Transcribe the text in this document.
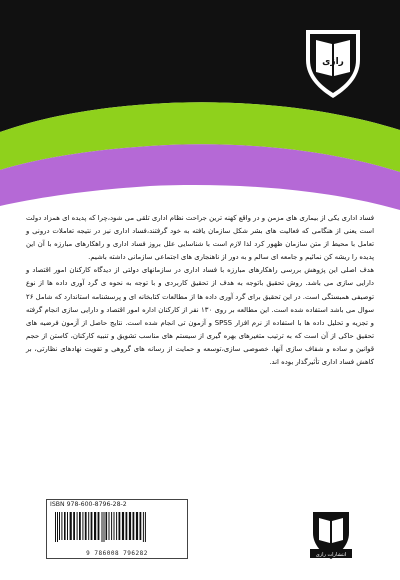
رازی

فساد اداری یکی از بیماری های مزمن و در واقع کهنه ترین جراحت نظام اداری تلقی می شود،چرا که پدیده ای همزاد دولت است یعنی از هنگامی که فعالیت های بشر شکل سازمان یافته به خود گرفتند،فساد اداری نیز در نتیجه تعاملات درونی و تعامل با محیط از متن سازمان ظهور کرد لذا لازم است با شناسایی علل بروز فساد اداری و راهکارهای مبارزه با آن این پدیده را ریشه کن نمائیم و جامعه ای سالم و به دور از ناهنجاری های اجتماعی سازمانی داشته باشیم.

هدف اصلی این پژوهش بررسی راهکارهای مبارزه با فساد اداری در سازمانهای دولتی از دیدگاه کارکنان امور اقتصاد و دارایی سازی می باشد. روش تحقیق باتوجه به هدف از تحقیق کاربردی و با توجه به نحوه ی گرد آوری داده ها از نوع توصیفی همبستگی است. در این تحقیق برای گرد آوری داده ها از مطالعات کتابخانه ای و پرسشنامه استاندارد که شامل ۲۶ سوال می باشد استفاده شده است. این مطالعه بر روی ۱۳۰ نفر از کارکنان اداره امور اقتصاد و دارایی سازی انجام گرفته و تجزیه و تحلیل داده ها با استفاده از نرم افزار SPSS و آزمون تی انجام شده است. نتایج حاصل از آزمون فرضیه های تحقیق حاکی از آن است که به ترتیب متغیرهای بهره گیری از سیستم های مناسب تشویق و تنبیه کارکنان، کاستن از حجم قوانین و ساده و شفاف سازی آنها، خصوصی سازی،توسعه و حمایت از رسانه های گروهی و تقویت نهادهای نظارتی، بر کاهش فساد اداری تأثیرگذار بوده اند.

ISBN 978-600-8796-28-2
9 786008 796282	انتشارات رازی
